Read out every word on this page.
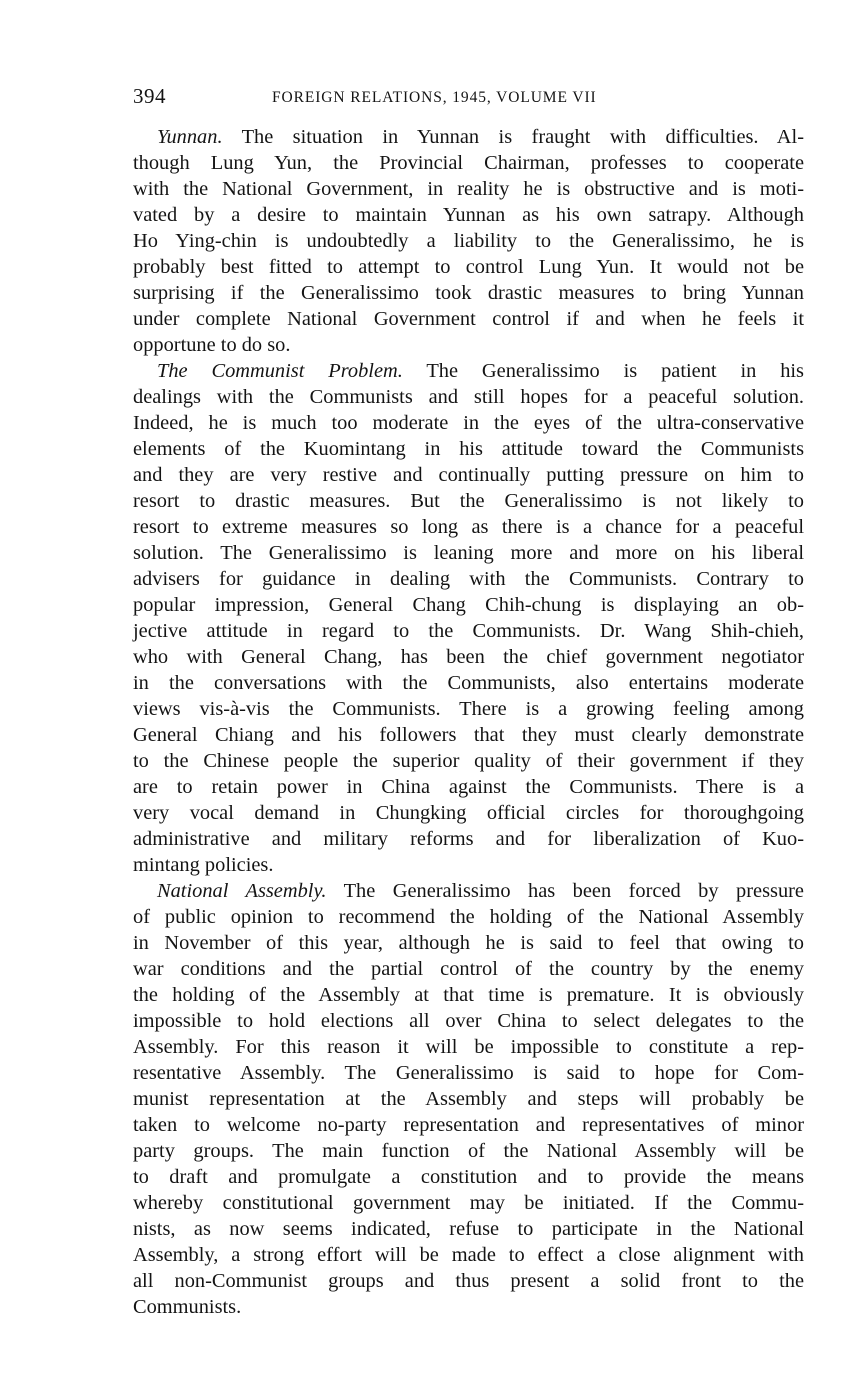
394	FOREIGN RELATIONS, 1945, VOLUME VII
Yunnan. The situation in Yunnan is fraught with difficulties. Al-
though Lung Yun, the Provincial Chairman, professes to cooperate
with the National Government, in reality he is obstructive and is moti-
vated by a desire to maintain Yunnan as his own satrapy. Although
Ho Ying-chin is undoubtedly a liability to the Generalissimo, he is
probably best fitted to attempt to control Lung Yun. It would not be
surprising if the Generalissimo took drastic measures to bring Yunnan
under complete National Government control if and when he feels it
opportune to do so.
The Communist Problem. The Generalissimo is patient in his
dealings with the Communists and still hopes for a peaceful solution.
Indeed, he is much too moderate in the eyes of the ultra-conservative
elements of the Kuomintang in his attitude toward the Communists
and they are very restive and continually putting pressure on him to
resort to drastic measures. But the Generalissimo is not likely to
resort to extreme measures so long as there is a chance for a peaceful
solution. The Generalissimo is leaning more and more on his liberal
advisers for guidance in dealing with the Communists. Contrary to
popular impression, General Chang Chih-chung is displaying an ob-
jective attitude in regard to the Communists. Dr. Wang Shih-chieh,
who with General Chang, has been the chief government negotiator
in the conversations with the Communists, also entertains moderate
views vis-à-vis the Communists. There is a growing feeling among
General Chiang and his followers that they must clearly demonstrate
to the Chinese people the superior quality of their government if they
are to retain power in China against the Communists. There is a
very vocal demand in Chungking official circles for thoroughgoing
administrative and military reforms and for liberalization of Kuo-
mintang policies.
National Assembly. The Generalissimo has been forced by pressure
of public opinion to recommend the holding of the National Assembly
in November of this year, although he is said to feel that owing to
war conditions and the partial control of the country by the enemy
the holding of the Assembly at that time is premature. It is obviously
impossible to hold elections all over China to select delegates to the
Assembly. For this reason it will be impossible to constitute a rep-
resentative Assembly. The Generalissimo is said to hope for Com-
munist representation at the Assembly and steps will probably be
taken to welcome no-party representation and representatives of minor
party groups. The main function of the National Assembly will be
to draft and promulgate a constitution and to provide the means
whereby constitutional government may be initiated. If the Commu-
nists, as now seems indicated, refuse to participate in the National
Assembly, a strong effort will be made to effect a close alignment with
all non-Communist groups and thus present a solid front to the
Communists.
